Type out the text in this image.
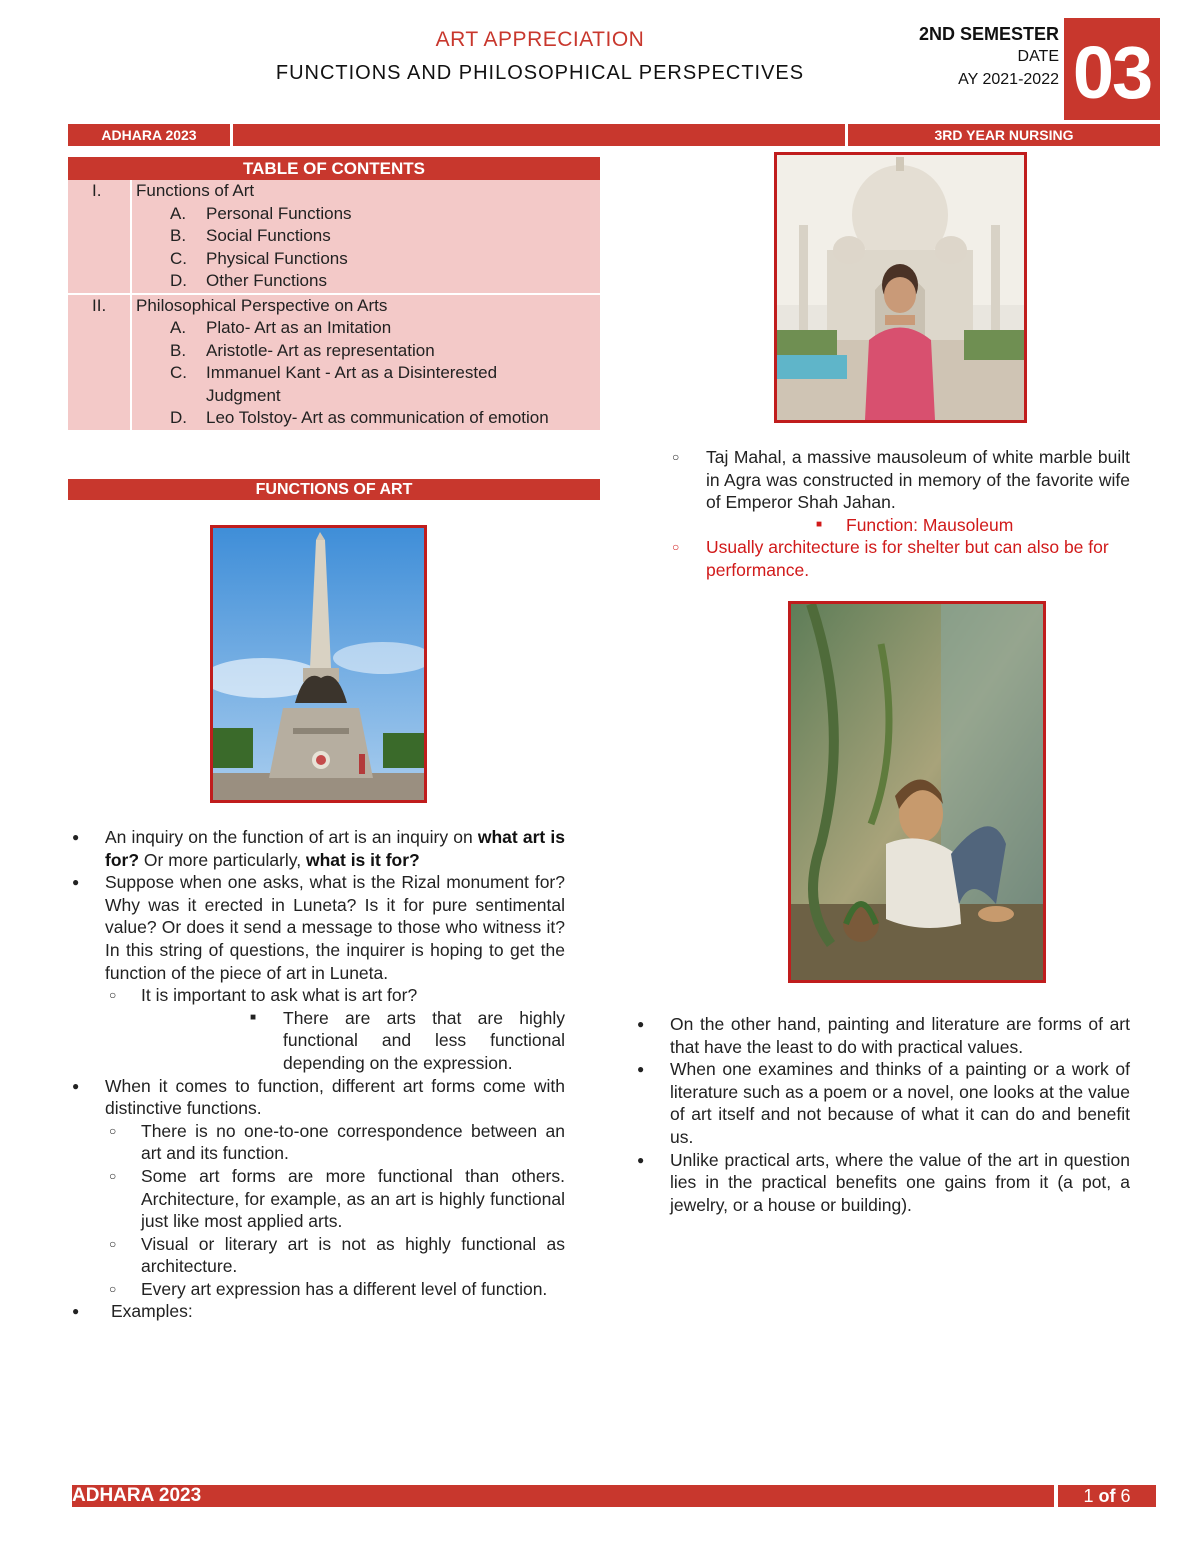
ART APPRECIATION
FUNCTIONS AND PHILOSOPHICAL PERSPECTIVES
2ND SEMESTER
DATE
AY 2021-2022 03
ADHARA 2023	3RD YEAR NURSING
TABLE OF CONTENTS
I.	Functions of Art
A.	Personal Functions
B.	Social Functions
C.	Physical Functions
D.	Other Functions
II.	Philosophical Perspective on Arts
A.	Plato- Art as an Imitation
B.	Aristotle- Art as representation
C.	Immanuel Kant - Art as a Disinterested Judgment
D.	Leo Tolstoy- Art as communication of emotion
FUNCTIONS OF ART
● An inquiry on the function of art is an inquiry on what art is for? Or more particularly, what is it for?
● Suppose when one asks, what is the Rizal monument for? Why was it erected in Luneta? Is it for pure sentimental value? Or does it send a message to those who witness it? In this string of questions, the inquirer is hoping to get the function of the piece of art in Luneta.
○ It is important to ask what is art for?
■ There are arts that are highly functional and less functional depending on the expression.
● When it comes to function, different art forms come with distinctive functions.
○ There is no one-to-one correspondence between an art and its function.
○ Some art forms are more functional than others. Architecture, for example, as an art is highly functional just like most applied arts.
○ Visual or literary art is not as highly functional as architecture.
○ Every art expression has a different level of function.
● Examples:
○ Taj Mahal, a massive mausoleum of white marble built in Agra was constructed in memory of the favorite wife of Emperor Shah Jahan.
■ Function: Mausoleum
○ Usually architecture is for shelter but can also be for performance.
● On the other hand, painting and literature are forms of art that have the least to do with practical values.
● When one examines and thinks of a painting or a work of literature such as a poem or a novel, one looks at the value of art itself and not because of what it can do and benefit us.
● Unlike practical arts, where the value of the art in question lies in the practical benefits one gains from it (a pot, a jewelry, or a house or building).
ADHARA 2023	1 of 6
